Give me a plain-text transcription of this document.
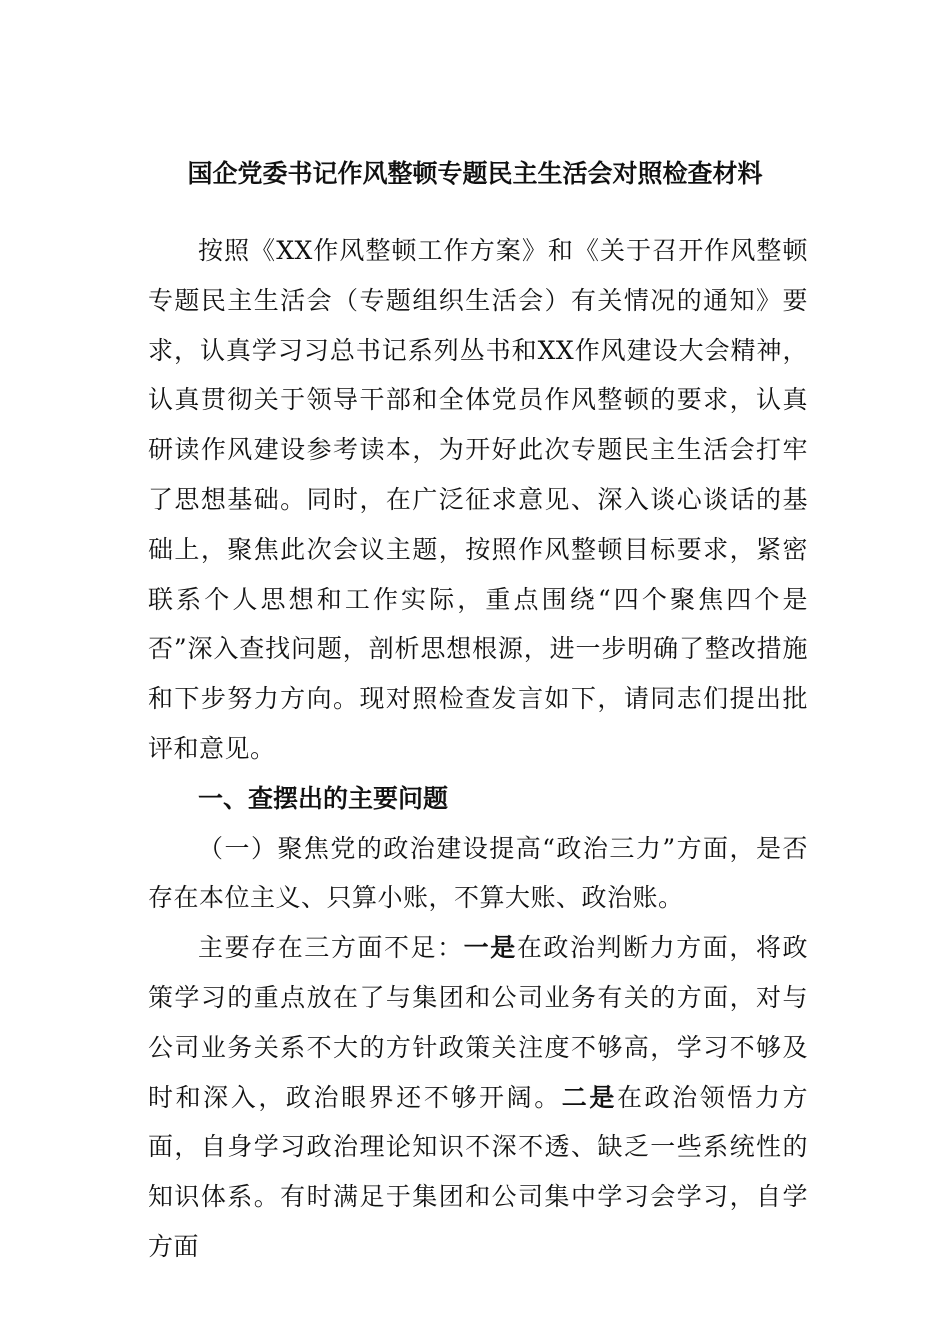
国企党委书记作风整顿专题民主生活会对照检查材料

按照《XX作风整顿工作方案》和《关于召开作风整顿专题民主生活会（专题组织生活会）有关情况的通知》要求，认真学习习总书记系列丛书和XX作风建设大会精神，认真贯彻关于领导干部和全体党员作风整顿的要求，认真研读作风建设参考读本，为开好此次专题民主生活会打牢了思想基础。同时，在广泛征求意见、深入谈心谈话的基础上，聚焦此次会议主题，按照作风整顿目标要求，紧密联系个人思想和工作实际，重点围绕“四个聚焦四个是否”深入查找问题，剖析思想根源，进一步明确了整改措施和下步努力方向。现对照检查发言如下，请同志们提出批评和意见。

一、查摆出的主要问题

（一）聚焦党的政治建设提高“政治三力”方面，是否存在本位主义、只算小账，不算大账、政治账。

主要存在三方面不足：一是在政治判断力方面，将政策学习的重点放在了与集团和公司业务有关的方面，对与公司业务关系不大的方针政策关注度不够高，学习不够及时和深入，政治眼界还不够开阔。二是在政治领悟力方面，自身学习政治理论知识不深不透、缺乏一些系统性的知识体系。有时满足于集团和公司集中学习会学习，自学方面
